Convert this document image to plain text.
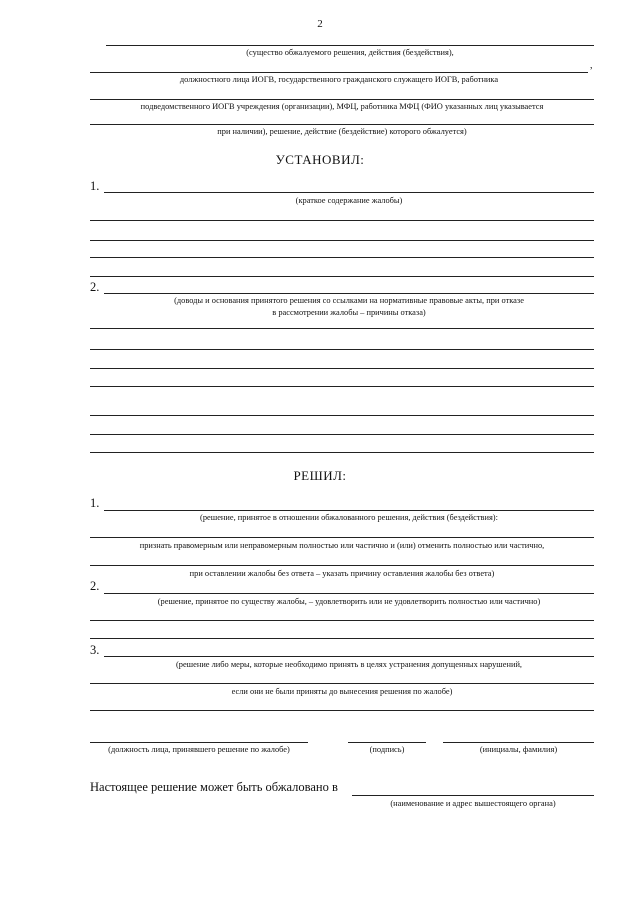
2
(существо обжалуемого решения, действия (бездействия),
,
должностного лица ИОГВ, государственного гражданского служащего ИОГВ, работника
подведомственного ИОГВ учреждения (организации), МФЦ, работника МФЦ (ФИО указанных лиц указывается
при наличии), решение, действие (бездействие) которого обжалуется)
УСТАНОВИЛ:
1.
(краткое содержание жалобы)
2.
(доводы и основания принятого решения со ссылками на нормативные правовые акты, при отказе
в рассмотрении жалобы – причины отказа)
РЕШИЛ:
1.
(решение, принятое в отношении обжалованного решения, действия (бездействия):
признать правомерным или неправомерным полностью или частично и (или) отменить полностью или частично,
при оставлении жалобы без ответа – указать причину оставления жалобы без ответа)
2.
(решение, принятое по существу жалобы, – удовлетворить или не удовлетворить полностью или частично)
3.
(решение либо меры, которые необходимо принять в целях устранения допущенных нарушений,
если они не были приняты до вынесения решения по жалобе)
(должность лица, принявшего решение по жалобе)	(подпись)	(инициалы, фамилия)
Настоящее решение может быть обжаловано в
(наименование и адрес вышестоящего органа)
